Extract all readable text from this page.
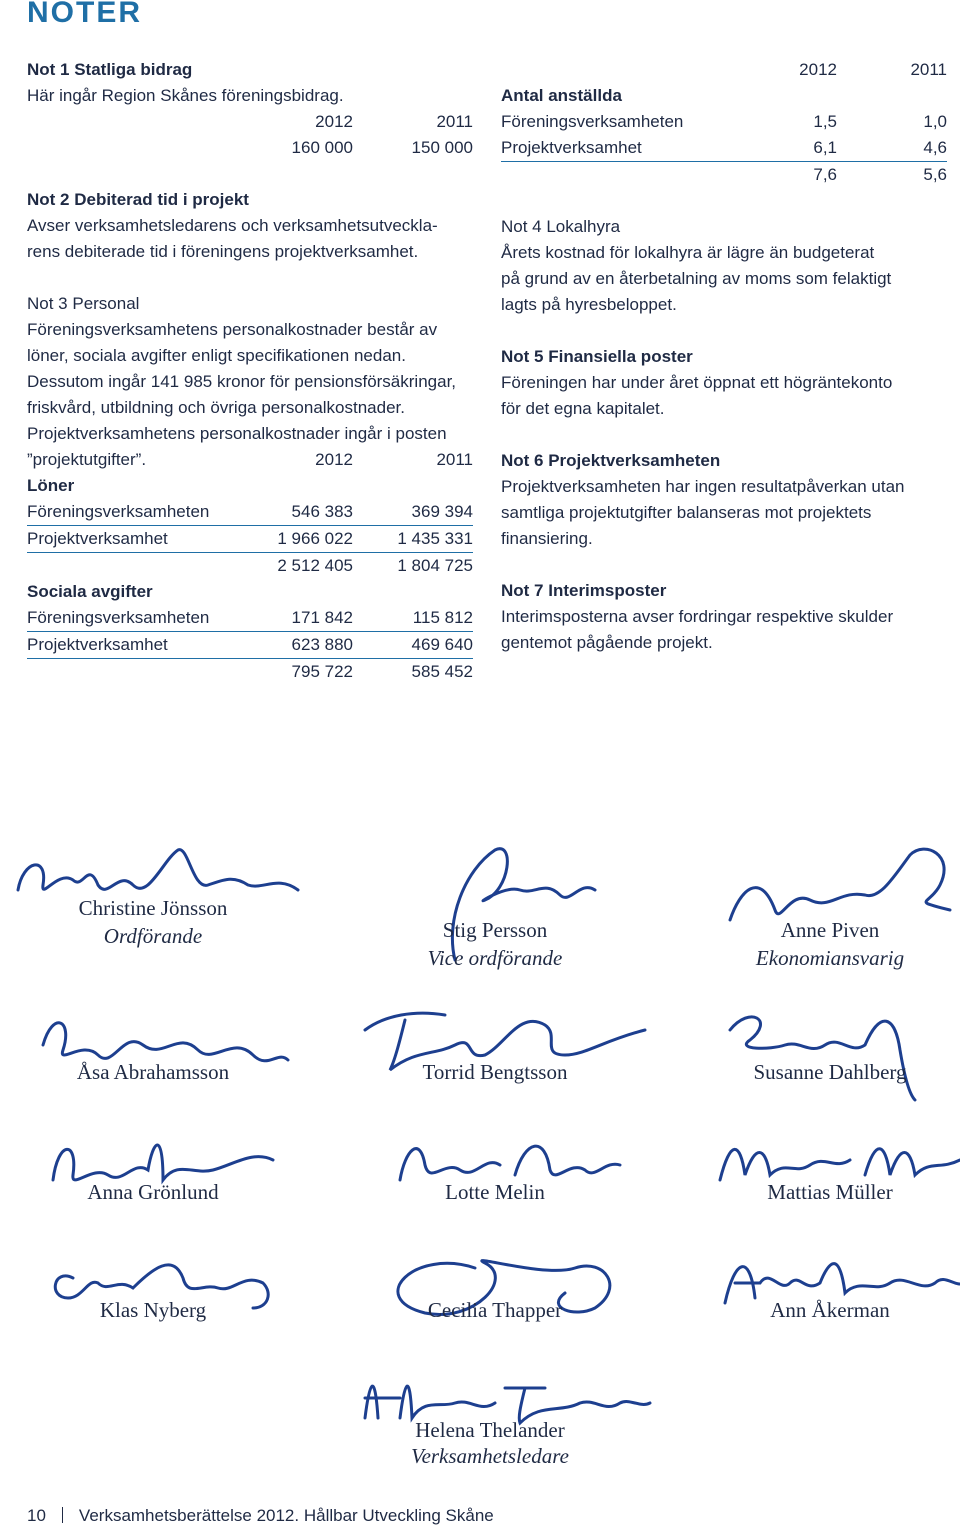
NOTER
Not 1 Statliga bidrag
Här ingår Region Skånes föreningsbidrag.
2012	2011
160 000	150 000
Not 2 Debiterad tid i projekt
Avser verksamhetsledarens och verksamhetsutveckla-
rens debiterade tid i föreningens projektverksamhet.
Not 3 Personal
Föreningsverksamhetens personalkostnader består av
löner, sociala avgifter enligt specifikationen nedan.
Dessutom ingår 141 985 kronor för pensionsförsäkringar,
friskvård, utbildning och övriga personalkostnader.
Projektverksamhetens personalkostnader ingår i posten
”projektutgifter”.	2012	2011
Löner
Föreningsverksamheten	546 383	369 394
Projektverksamhet	1 966 022	1 435 331
2 512 405	1 804 725
Sociala avgifter
Föreningsverksamheten	171 842	115 812
Projektverksamhet	623 880	469 640
795 722	585 452
2012	2011
Antal anställda
Föreningsverksamheten	1,5	1,0
Projektverksamhet	6,1	4,6
7,6	5,6
Not 4 Lokalhyra
Årets kostnad för lokalhyra är lägre än budgeterat
på grund av en återbetalning av moms som felaktigt
lagts på hyresbeloppet.
Not 5 Finansiella poster
Föreningen har under året öppnat ett högräntekonto
för det egna kapitalet.
Not 6 Projektverksamheten
Projektverksamheten har ingen resultatpåverkan utan
samtliga projektutgifter balanseras mot projektets
finansiering.
Not 7 Interimsposter
Interimsposterna avser fordringar respektive skulder
gentemot pågående projekt.
Christine Jönsson
Ordförande	Stig Persson
Vice ordförande
Anne Piven
Ekonomiansvarig
Åsa Abrahamsson	Torrid Bengtsson	Susanne Dahlberg
Anna Grönlund	Lotte Melin	Mattias Müller
Klas Nyberg	Cecilia Thapper	Ann Åkerman
Helena Thelander
Verksamhetsledare
10 Verksamhetsberättelse 2012. Hållbar Utveckling Skåne
